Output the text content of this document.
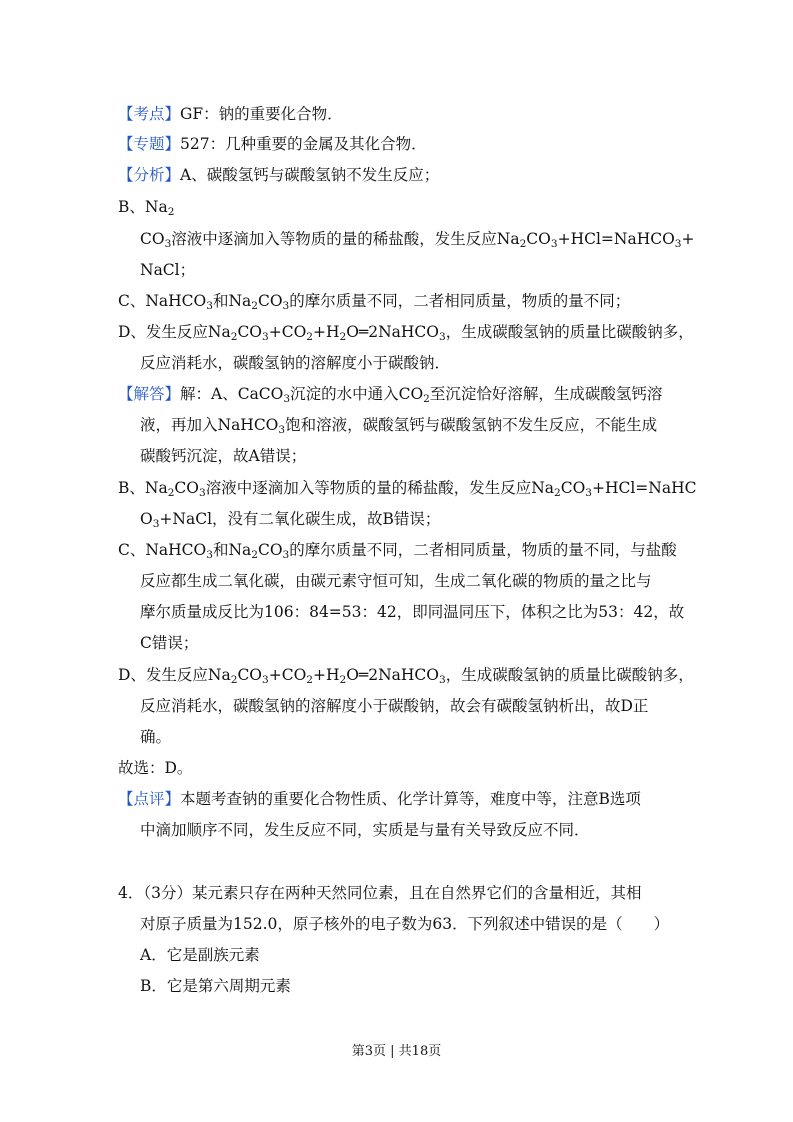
【考点】GF：钠的重要化合物．
【专题】527：几种重要的金属及其化合物．
【分析】A、碳酸氢钙与碳酸氢钠不发生反应；
B、$Na_2$
$CO_3$溶液中逐滴加入等物质的量的稀盐酸，发生反应$Na_2CO_3+HCl=NaHCO_3+$
NaCl；
C、NaHCO$_3$和$Na_2CO_3$的摩尔质量不同，二者相同质量，物质的量不同；
D、发生反应$Na_2CO_3+CO_2+H_2O═2NaHCO_3$，生成碳酸氢钠的质量比碳酸钠多，
反应消耗水，碳酸氢钠的溶解度小于碳酸钠．
【解答】解：A、CaCO$_3$沉淀的水中通入$CO_2$至沉淀恰好溶解，生成碳酸氢钙溶
液，再加入NaHCO$_3$饱和溶液，碳酸氢钙与碳酸氢钠不发生反应，不能生成
碳酸钙沉淀，故A错误；
B、$Na_2CO_3$溶液中逐滴加入等物质的量的稀盐酸，发生反应$Na_2CO_3+HCl=NaHC$
$O_3+NaCl$，没有二氧化碳生成，故B错误；
C、NaHCO$_3$和$Na_2CO_3$的摩尔质量不同，二者相同质量，物质的量不同，与盐酸
反应都生成二氧化碳，由碳元素守恒可知，生成二氧化碳的物质的量之比与
摩尔质量成反比为106：84=53：42，即同温同压下，体积之比为53：42，故
C错误；
D、发生反应$Na_2CO_3+CO_2+H_2O═2NaHCO_3$，生成碳酸氢钠的质量比碳酸钠多，
反应消耗水，碳酸氢钠的溶解度小于碳酸钠，故会有碳酸氢钠析出，故D正
确。
故选：D。
【点评】本题考查钠的重要化合物性质、化学计算等，难度中等，注意B选项
中滴加顺序不同，发生反应不同，实质是与量有关导致反应不同．
4．（3分）某元素只存在两种天然同位素，且在自然界它们的含量相近，其相
对原子质量为152.0，原子核外的电子数为63．下列叙述中错误的是（　　）
A．它是副族元素
B．它是第六周期元素
第3页 | 共18页
